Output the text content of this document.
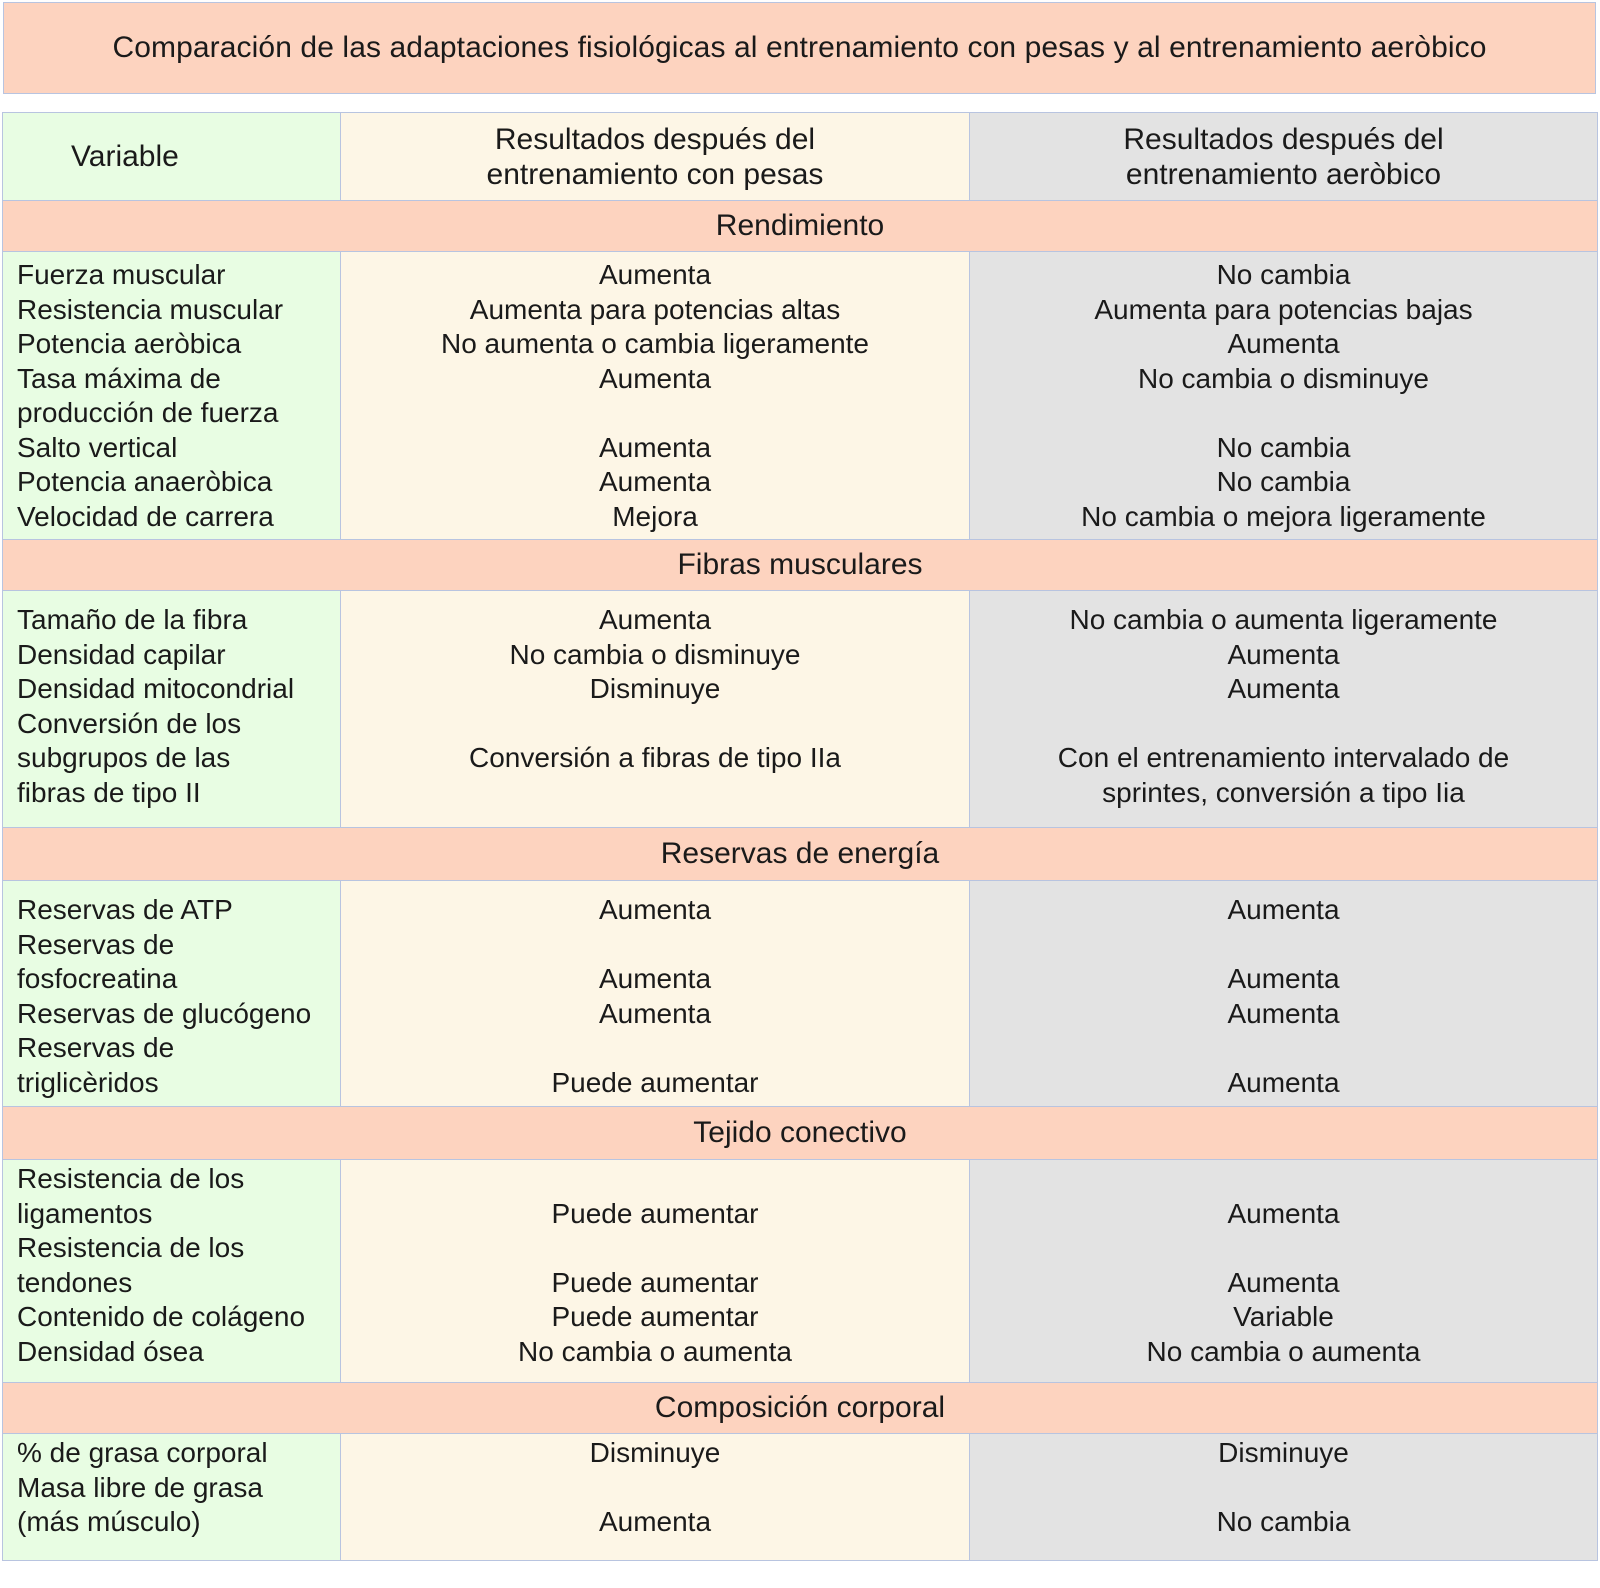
Comparación de las adaptaciones fisiológicas al entrenamiento con pesas y al entrenamiento aeròbico
Variable
Resultados después del
entrenamiento con pesas
Resultados después del
entrenamiento aeròbico
Rendimiento
Fuerza muscular
Resistencia muscular
Potencia aeròbica
Tasa máxima de
producción de fuerza
Salto vertical
Potencia anaeròbica
Velocidad de carrera
Aumenta
Aumenta para potencias altas
No aumenta o cambia ligeramente
Aumenta
Aumenta
Aumenta
Mejora
No cambia
Aumenta para potencias bajas
Aumenta
No cambia o disminuye
No cambia
No cambia
No cambia o mejora ligeramente
Fibras musculares
Tamaño de la fibra
Densidad capilar
Densidad mitocondrial
Conversión de los
subgrupos de las
fibras de tipo II
Aumenta
No cambia o disminuye
Disminuye
Conversión a fibras de tipo IIa
No cambia o aumenta ligeramente
Aumenta
Aumenta
Con el entrenamiento intervalado de
sprintes, conversión a tipo Iia
Reservas de energía
Reservas de ATP
Reservas de
fosfocreatina
Reservas de glucógeno
Reservas de
triglicèridos
Aumenta
Aumenta
Aumenta
Puede aumentar
Aumenta
Aumenta
Aumenta
Aumenta
Tejido conectivo
Resistencia de los
ligamentos
Resistencia de los
tendones
Contenido de colágeno
Densidad ósea
Puede aumentar
Puede aumentar
Puede aumentar
No cambia o aumenta
Aumenta
Aumenta
Variable
No cambia o aumenta
Composición corporal
% de grasa corporal
Masa libre de grasa
(más músculo)
Disminuye
Aumenta
Disminuye
No cambia
